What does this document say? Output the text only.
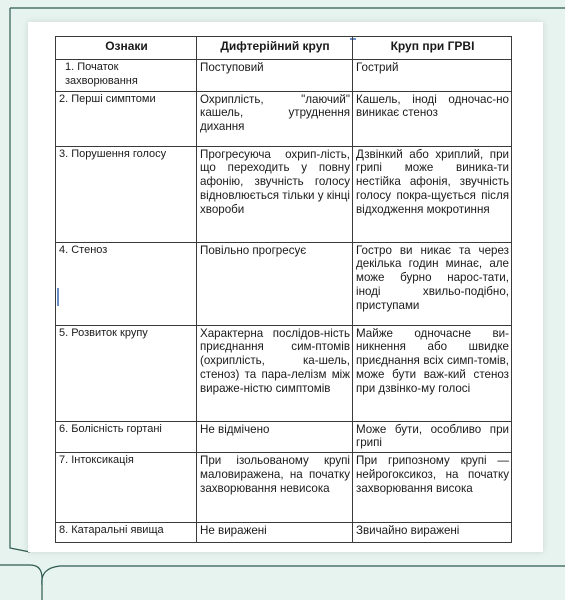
Ознаки	Дифтерійний круп	Круп при ГРВІ
1. Початок захворювання	Поступовий	Гострий
2. Перші симптоми	Охриплість, "лаючий" кашель, утруднення дихання	Кашель, іноді одночас-но виникає стеноз
3. Порушення голосу	Прогресуюча охрип-лість, що переходить у повну афонію, звучність голосу відновлюється тільки у кінці хвороби	Дзвінкий або хриплий, при грипі може виника-ти нестійка афонія, звучність голосу покра-щується після відходження мокротиння
4. Стеноз	Повільно прогресує	Гостро ви никає та через декілька годин минає, але може бурно нарос-тати, іноді хвильо-подібно, приступами
5. Розвиток крупу	Характерна послідов-ність приєднання сим-птомів (охриплість, ка-шель, стеноз) та пара-лелізм між виражe-ністю симптомів	Майже одночасне ви-никнення або швидке приєднання всіх симп-томів, може бути важ-кий стеноз при дзвінко-му голосі
6. Болісність гортані	Не відмічено	Може бути, особливо при грипі
7. Інтоксикація	При ізольованому крупі маловиражена, на початку захворювання невисока	При грипозному крупі — нейрогокcикоз, на початку захворювання висока
8. Катаральні явища	Не виражені	Звичайно виражені
